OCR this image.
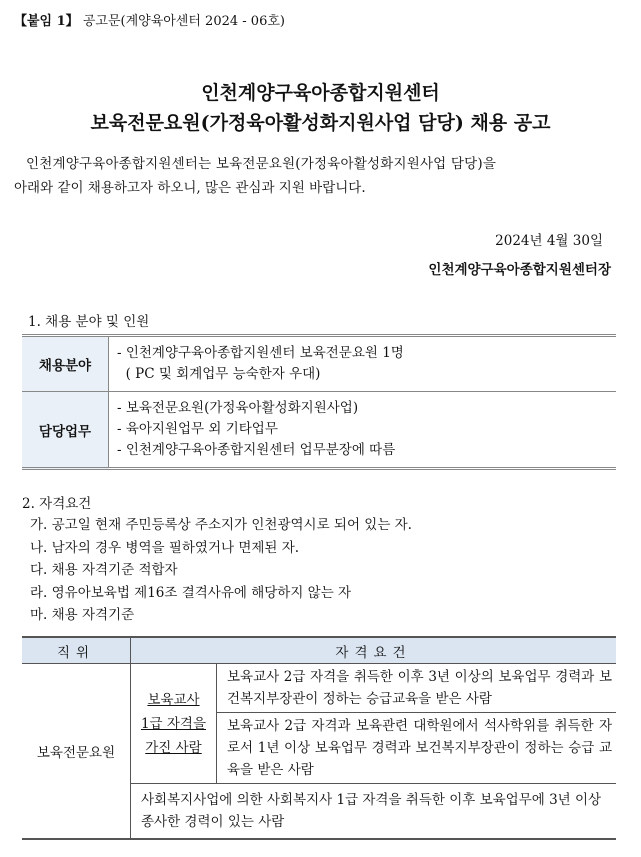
【붙임 1】 공고문(계양육아센터 2024 - 06호)
인천계양구육아종합지원센터
보육전문요원(가정육아활성화지원사업 담당) 채용 공고
인천계양구육아종합지원센터는 보육전문요원(가정육아활성화지원사업 담당)을
아래와 같이 채용하고자 하오니, 많은 관심과 지원 바랍니다.
2024년 4월 30일
인천계양구육아종합지원센터장
1. 채용 분야 및 인원
채용분야	- 인천계양구육아종합지원센터 보육전문요원 1명
( PC 및 회계업무 능숙한자 우대)

담당업무	- 보육전문요원(가정육아활성화지원사업)
- 육아지원업무 외 기타업무
- 인천계양구육아종합지원센터 업무분장에 따름
2. 자격요건
가. 공고일 현재 주민등록상 주소지가 인천광역시로 되어 있는 자.
나. 남자의 경우 병역을 필하였거나 면제된 자.
다. 채용 자격기준 적합자
라. 영유아보육법 제16조 결격사유에 해당하지 않는 자
마. 채용 자격기준
직위	자격요건	
보육전문요원	보육교사
1급 자격을
가진 사람	보육교사 2급 자격을 취득한 이후 3년 이상의 보육업무 경력과 보건복지부장관이 정하는 승급교육을 받은 사람
		보육교사 2급 자격과 보육관련 대학원에서 석사학위를 취득한 자로서 1년 이상 보육업무 경력과 보건복지부장관이 정하는 승급 교육을 받은 사람
	사회복지사업에 의한 사회복지사 1급 자격을 취득한 이후 보육업무에 3년 이상 종사한 경력이 있는 사람	
